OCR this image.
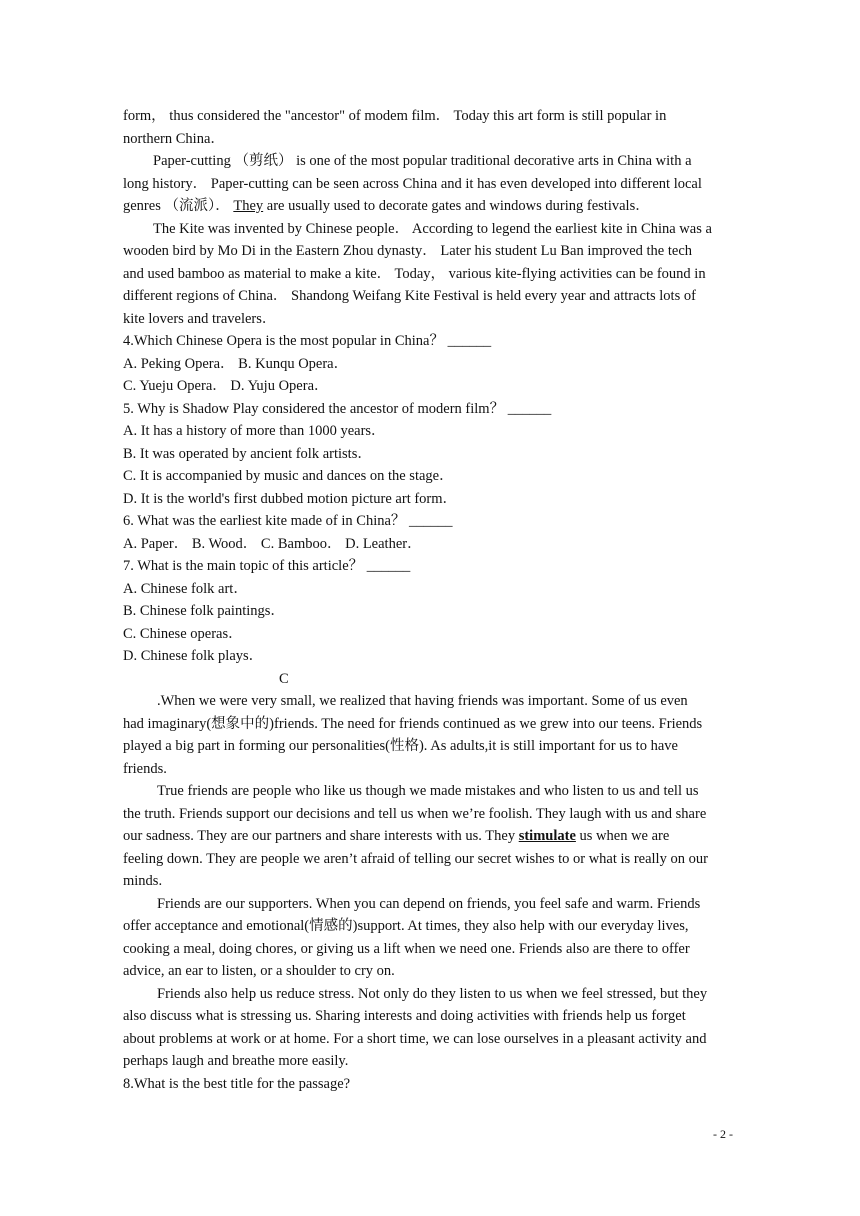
form， thus considered the "ancestor" of modem film． Today this art form is still popular in
northern China．
Paper-cutting （剪纸） is one of the most popular traditional decorative arts in China with a
long history． Paper-cutting can be seen across China and it has even developed into different local
genres （流派）． They are usually used to decorate gates and windows during festivals．
The Kite was invented by Chinese people． According to legend the earliest kite in China was a
wooden bird by Mo Di in the Eastern Zhou dynasty． Later his student Lu Ban improved the tech
and used bamboo as material to make a kite． Today， various kite-flying activities can be found in
different regions of China． Shandong Weifang Kite Festival is held every year and attracts lots of
kite lovers and travelers．
4.Which Chinese Opera is the most popular in China？ ______
A. Peking Opera． B. Kunqu Opera．
C. Yueju Opera． D. Yuju Opera．
5. Why is Shadow Play considered the ancestor of modern film？ ______
A. It has a history of more than 1000 years．
B. It was operated by ancient folk artists．
C. It is accompanied by music and dances on the stage．
D. It is the world's first dubbed motion picture art form．
6. What was the earliest kite made of in China？ ______
A. Paper． B. Wood． C. Bamboo． D. Leather．
7. What is the main topic of this article？ ______
A. Chinese folk art．
B. Chinese folk paintings．
C. Chinese operas．
D. Chinese folk plays．
C
.When we were very small, we realized that having friends was important. Some of us even
had imaginary(想象中的)friends. The need for friends continued as we grew into our teens. Friends
played a big part in forming our personalities(性格). As adults,it is still important for us to have
friends.
True friends are people who like us though we made mistakes and who listen to us and tell us
the truth. Friends support our decisions and tell us when we’re foolish. They laugh with us and share
our sadness. They are our partners and share interests with us. They stimulate us when we are
feeling down. They are people we aren’t afraid of telling our secret wishes to or what is really on our
minds.
Friends are our supporters. When you can depend on friends, you feel safe and warm. Friends
offer acceptance and emotional(情感的)support. At times, they also help with our everyday lives,
cooking a meal, doing chores, or giving us a lift when we need one. Friends also are there to offer
advice, an ear to listen, or a shoulder to cry on.
Friends also help us reduce stress. Not only do they listen to us when we feel stressed, but they
also discuss what is stressing us. Sharing interests and doing activities with friends help us forget
about problems at work or at home. For a short time, we can lose ourselves in a pleasant activity and
perhaps laugh and breathe more easily.
8.What is the best title for the passage?
- 2 -
